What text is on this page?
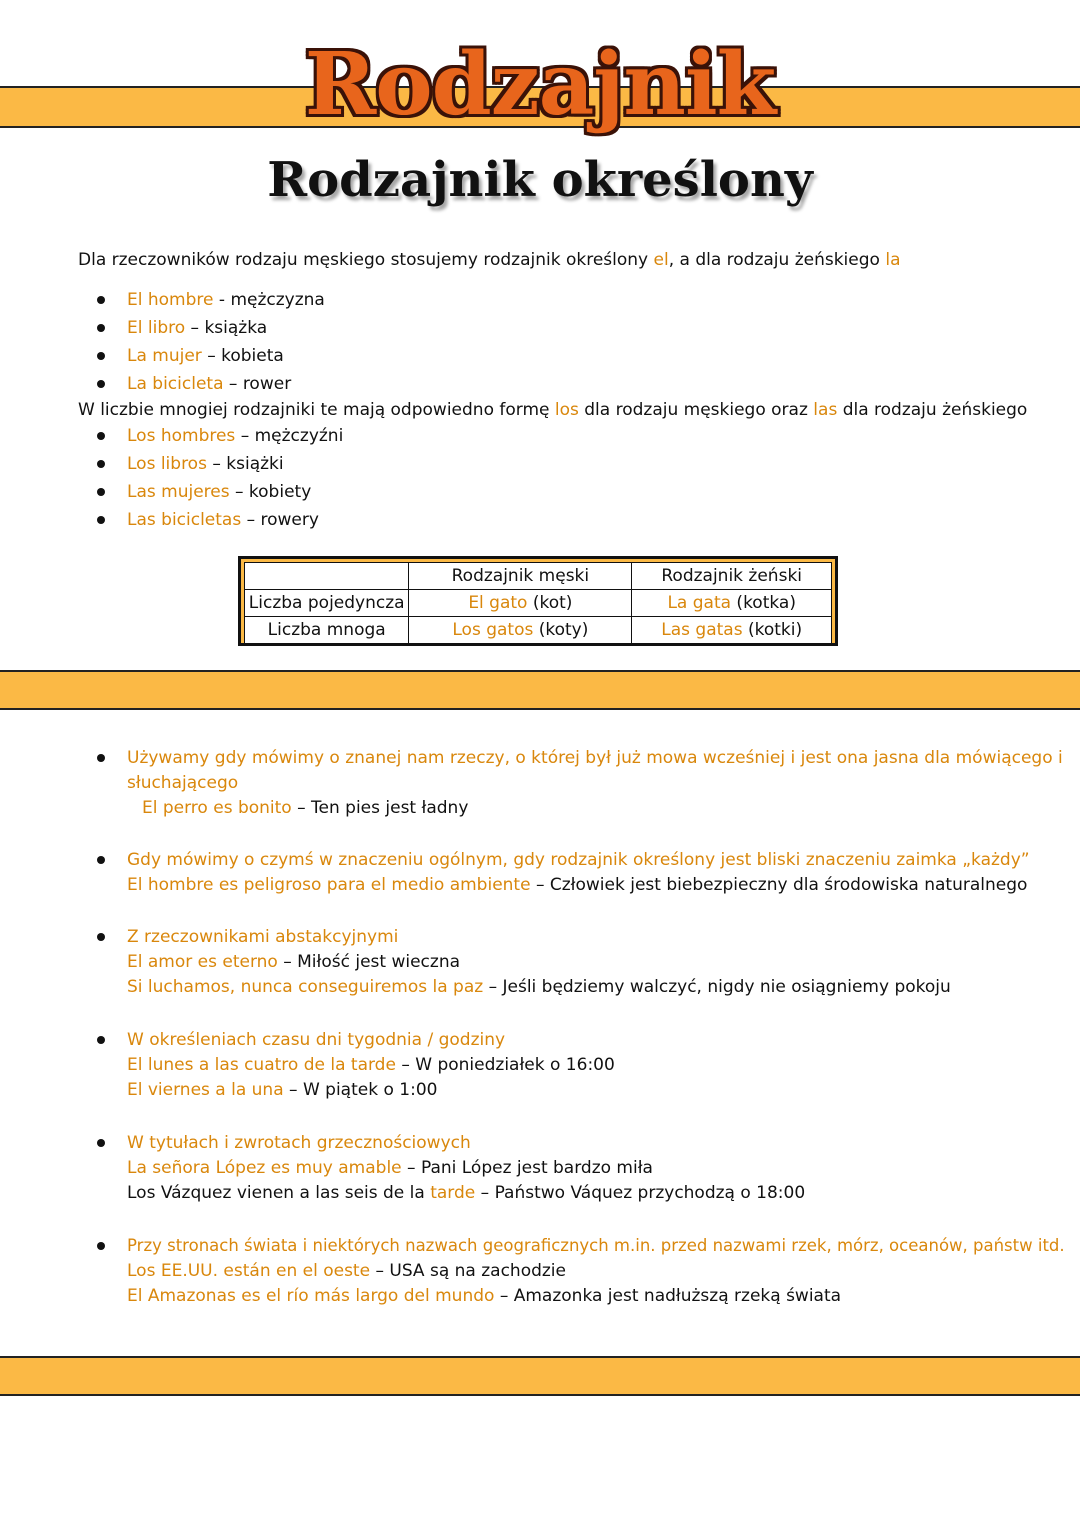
Rodzajnik
Rodzajnik określony
Dla rzeczowników rodzaju męskiego stosujemy rodzajnik określony el, a dla rodzaju żeńskiego la
El hombre - mężczyzna
El libro – książka
La mujer – kobieta
La bicicleta – rower
W liczbie mnogiej rodzajniki te mają odpowiedno formę los dla rodzaju męskiego oraz las dla rodzaju żeńskiego
Los hombres – mężczyźni
Los libros – książki
Las mujeres – kobiety
Las bicicletas – rowery
	Rodzajnik męski	Rodzajnik żeński
Liczba pojedyncza	El gato (kot)	La gata (kotka)
Liczba mnoga	Los gatos (koty)	Las gatas (kotki)
Używamy gdy mówimy o znanej nam rzeczy, o której był już mowa wcześniej i jest ona jasna dla mówiącego i
słuchającego
El perro es bonito – Ten pies jest ładny
Gdy mówimy o czymś w znaczeniu ogólnym, gdy rodzajnik określony jest bliski znaczeniu zaimka „każdy”
El hombre es peligroso para el medio ambiente – Człowiek jest biebezpieczny dla środowiska naturalnego
Z rzeczownikami abstakcyjnymi
El amor es eterno – Miłość jest wieczna
Si luchamos, nunca conseguiremos la paz – Jeśli będziemy walczyć, nigdy nie osiągniemy pokoju
W określeniach czasu dni tygodnia / godziny
El lunes a las cuatro de la tarde – W poniedziałek o 16:00
El viernes a la una – W piątek o 1:00
W tytułach i zwrotach grzecznościowych
La señora López es muy amable – Pani López jest bardzo miła
Los Vázquez vienen a las seis de la tarde – Państwo Váquez przychodzą o 18:00
Przy stronach świata i niektórych nazwach geograficznych m.in. przed nazwami rzek, mórz, oceanów, państw itd.
Los EE.UU. están en el oeste – USA są na zachodzie
El Amazonas es el río más largo del mundo – Amazonka jest nadłuższą rzeką świata
